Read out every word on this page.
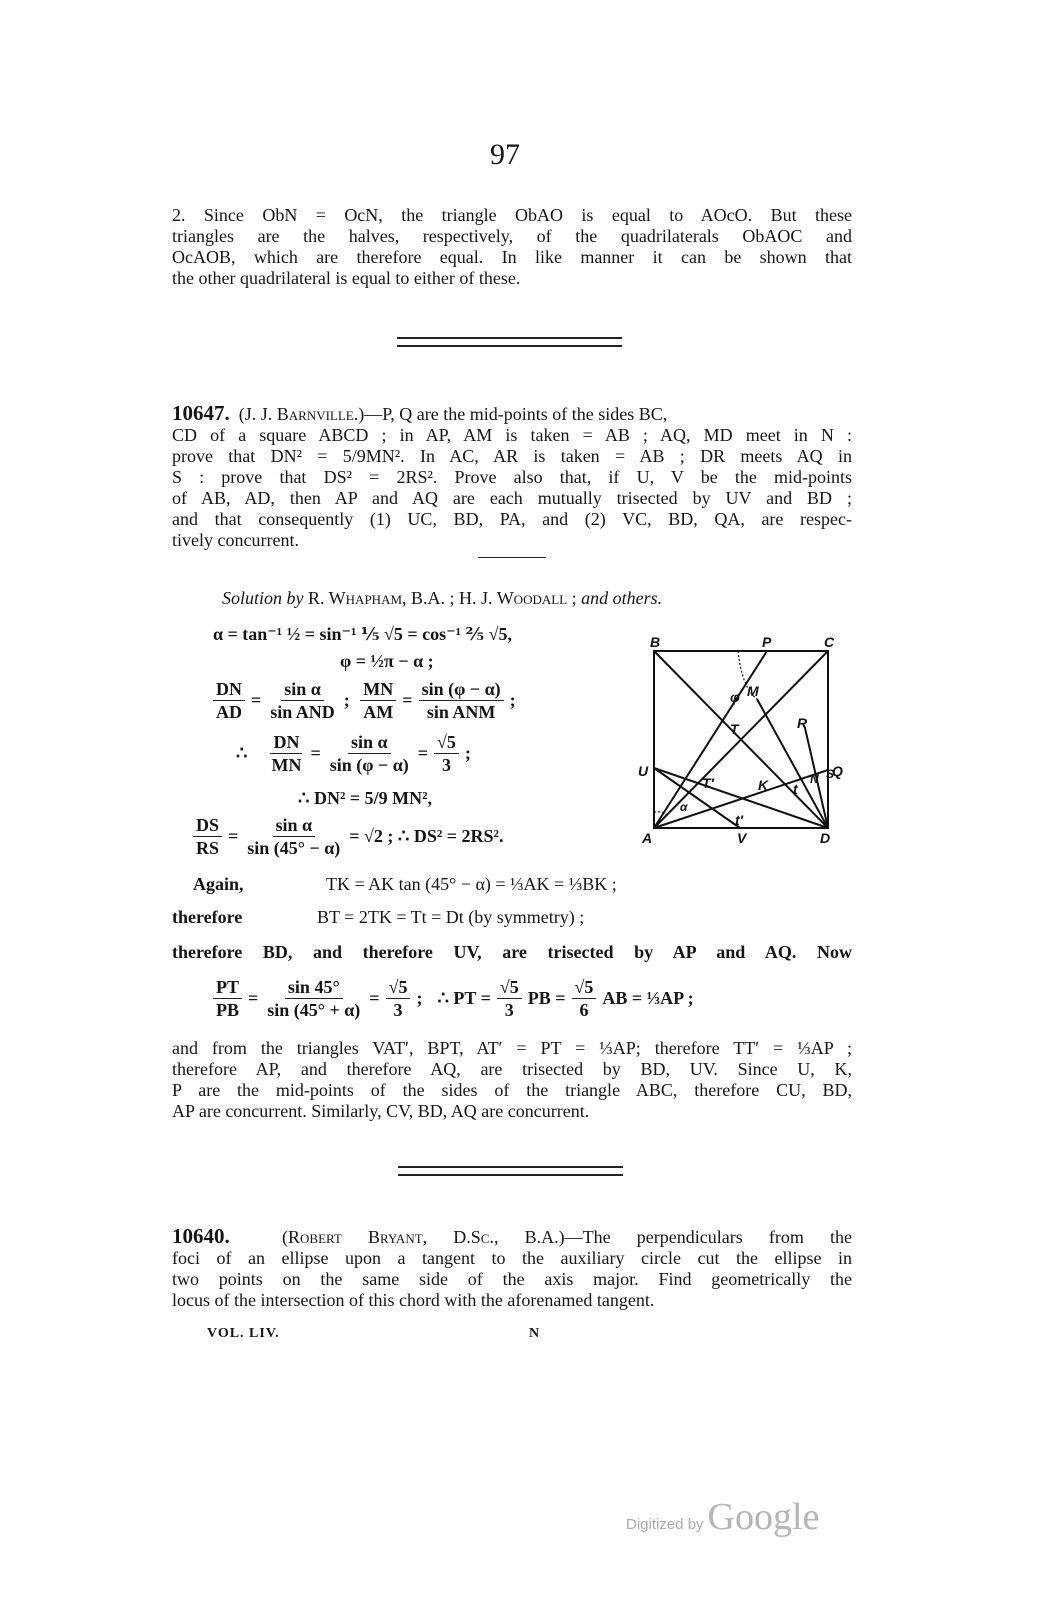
97
2. Since ObN = OcN, the triangle ObAO is equal to AOcO. But these
triangles are the halves, respectively, of the quadrilaterals ObAOC and
OcAOB, which are therefore equal. In like manner it can be shown that
the other quadrilateral is equal to either of these.
10647. (J. J. Barnville.)—P, Q are the mid-points of the sides BC,
CD of a square ABCD ; in AP, AM is taken = AB ; AQ, MD meet in N :
prove that DN² = 5/9MN². In AC, AR is taken = AB ; DR meets AQ in
S : prove that DS² = 2RS². Prove also that, if U, V be the mid-points
of AB, AD, then AP and AQ are each mutually trisected by UV and BD ;
and that consequently (1) UC, BD, PA, and (2) VC, BD, QA, are respec-
tively concurrent.
Solution by R. Whapham, B.A. ; H. J. Woodall ; and others.
α = tan⁻¹ ½ = sin⁻¹ ⅕ √5 = cos⁻¹ ⅖ √5,
φ = ½π − α ;
$\frac{DN}{AD} = \frac{\text{sin α}}{\text{sin AND}}$ ; $\frac{MN}{AM} = \frac{\sin (\varphi - \alpha)}{\text{sin ANM}}$ ;
∴
$\frac{DN}{MN} = \frac{\text{sin α}}{\sin (\varphi - \alpha)} = \frac{√5}{3}$ ;
∴ DN² = 5/9 MN²,
$\frac{DS}{RS} = \frac{\text{sin α}}{\sin (45^\circ - \alpha)} = √2$ ; ∴ DS² = 2RS².
B	P	C
M
φ
R
T
U	Q
T′	K t
N S
α
t′
A	V	D
Again,	TK = AK tan (45° − α) = ⅓AK = ⅓BK ;
therefore	BT = 2TK = Tt = Dt (by symmetry) ;
therefore BD, and therefore UV, are trisected by AP and AQ. Now
$\frac{PT}{PB} = \frac{\sin 45^\circ}{\sin (45^\circ + \alpha)} = \frac{√5}{3}$ ; ∴ PT = $\frac{√5}{3}$ PB = $\frac{√5}{6}$ AB = ⅓AP ;
and from the triangles VAT′, BPT, AT′ = PT = ⅓AP; therefore TT′ = ⅓AP ;
therefore AP, and therefore AQ, are trisected by BD, UV. Since U, K,
P are the mid-points of the sides of the triangle ABC, therefore CU, BD,
AP are concurrent. Similarly, CV, BD, AQ are concurrent.
10640.	(Robert Bryant, D.Sc., B.A.)—The perpendiculars from the
foci of an ellipse upon a tangent to the auxiliary circle cut the ellipse in
two points on the same side of the axis major. Find geometrically the
locus of the intersection of this chord with the aforenamed tangent.
VOL. LIV.	N
Digitized by Google
